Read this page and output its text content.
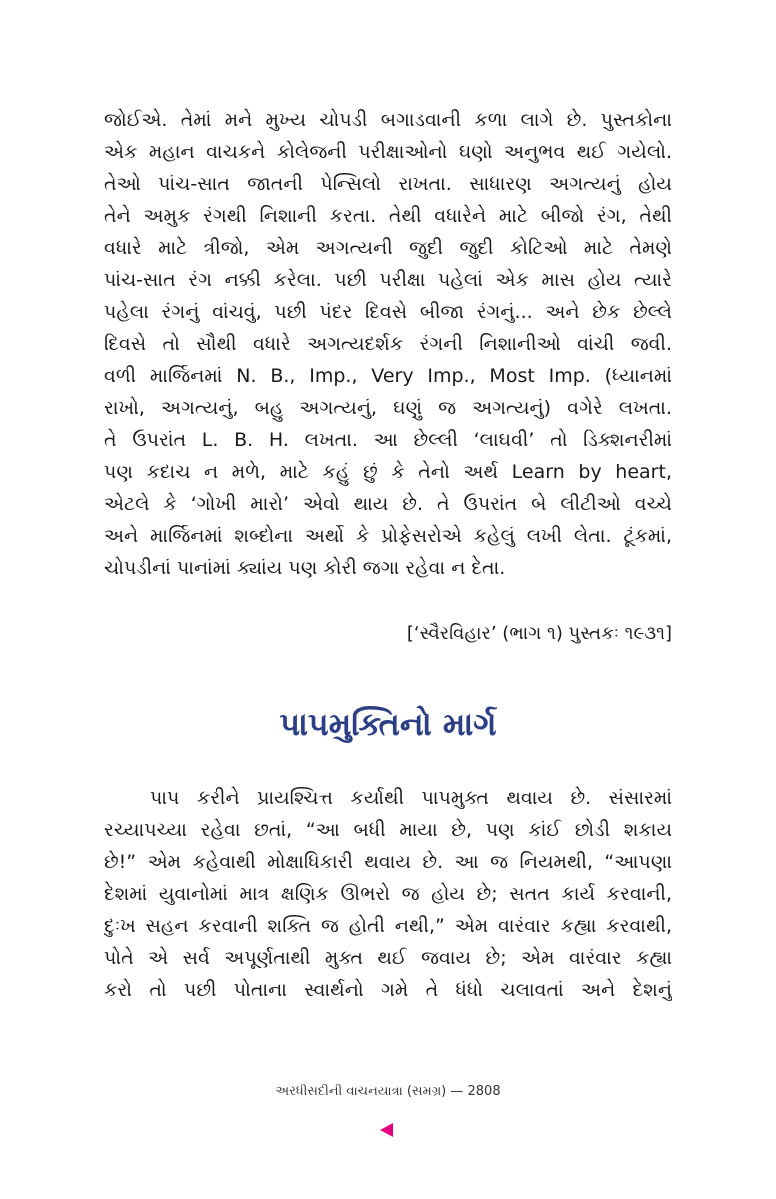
જોઈએ. તેમાં મને મુખ્ય ચોપડી બગાડવાની કળા લાગે છે. પુસ્તકોના
એક મહાન વાચકને કોલેજની પરીક્ષાઓનો ઘણો અનુભવ થઈ ગયેલો.
તેઓ પાંચ-સાત જાતની પેન્સિલો રાખતા. સાધારણ અગત્યનું હોય
તેને અમુક રંગથી નિશાની કરતા. તેથી વધારેને માટે બીજો રંગ, તેથી
વધારે માટે ત્રીજો, એમ અગત્યની જુદી જુદી કોટિઓ માટે તેમણે
પાંચ-સાત રંગ નક્કી કરેલા. પછી પરીક્ષા પહેલાં એક માસ હોય ત્યારે
પહેલા રંગનું વાંચવું, પછી પંદર દિવસે બીજા રંગનું... અને છેક છેલ્લે
દિવસે તો સૌથી વધારે અગત્યદર્શક રંગની નિશાનીઓ વાંચી જવી.
વળી માર્જિનમાં N. B., Imp., Very Imp., Most Imp. (ધ્યાનમાં
રાખો, અગત્યનું, બહુ અગત્યનું, ઘણું જ અગત્યનું) વગેરે લખતા.
તે ઉપરાંત L. B. H. લખતા. આ છેલ્લી ‘લાઘવી’ તો ડિક્શનરીમાં
પણ કદાચ ન મળે, માટે કહું છું કે તેનો અર્થ Learn by heart,
એટલે કે ‘ગોખી મારો’ એવો થાય છે. તે ઉપરાંત બે લીટીઓ વચ્ચે
અને માર્જિનમાં શબ્દોના અર્થો કે પ્રોફેસરોએ કહેલું લખી લેતા. ટૂંકમાં,
ચોપડીનાં પાનાંમાં ક્યાંય પણ કોરી જગા રહેવા ન દેતા.
[‘સ્વૈરવિહાર’ (ભાગ ૧) પુસ્તકઃ ૧૯૩૧]
પાપમુક્તિનો માર્ગ
પાપ કરીને પ્રાયશ્ચિત્ત કર્યાથી પાપમુક્ત થવાય છે. સંસારમાં
રચ્યાપચ્યા રહેવા છતાં, “આ બધી માયા છે, પણ કાંઈ છોડી શકાય
છે!” એમ કહેવાથી મોક્ષાધિકારી થવાય છે. આ જ નિયમથી, “આપણા
દેશમાં યુવાનોમાં માત્ર ક્ષણિક ઊભરો જ હોય છે; સતત કાર્ય કરવાની,
દુઃખ સહન કરવાની શક્તિ જ હોતી નથી,” એમ વારંવાર કહ્યા કરવાથી,
પોતે એ સર્વ અપૂર્ણતાથી મુક્ત થઈ જવાય છે; એમ વારંવાર કહ્યા
કરો તો પછી પોતાના સ્વાર્થનો ગમે તે ધંધો ચલાવતાં અને દેશનું
અરધીસદીની વાચનયાત્રા (સમગ્ર) — 2808
